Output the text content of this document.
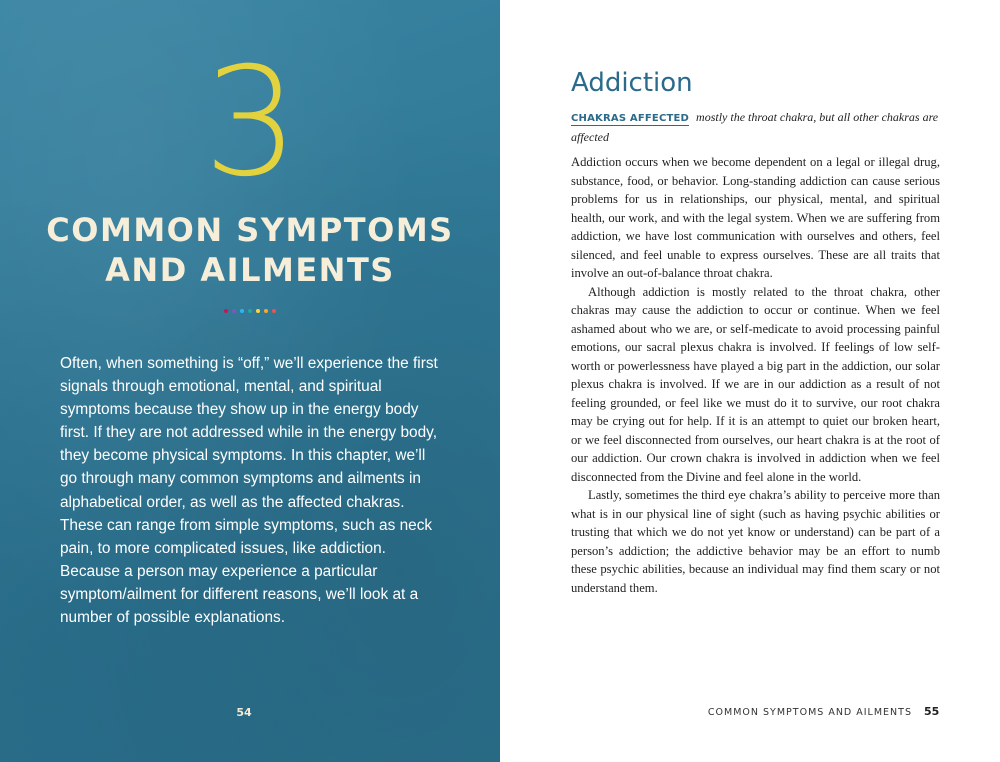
3
COMMON SYMPTOMS
AND AILMENTS

Often, when something is “off,” we’ll experience the first signals through emotional, mental, and spiritual symptoms because they show up in the energy body first. If they are not addressed while in the energy body, they become physical symptoms. In this chapter, we’ll go through many common symptoms and ailments in alphabetical order, as well as the affected chakras. These can range from simple symptoms, such as neck pain, to more complicated issues, like addiction. Because a person may experience a particular symptom/ailment for different reasons, we’ll look at a number of possible explanations.

54
Addiction

CHAKRAS AFFECTED mostly the throat chakra, but all other chakras are affected

Addiction occurs when we become dependent on a legal or illegal drug, substance, food, or behavior. Long-standing addiction can cause serious problems for us in relationships, our physical, mental, and spiritual health, our work, and with the legal system. When we are suffering from addiction, we have lost communication with ourselves and others, feel silenced, and feel unable to express ourselves. These are all traits that involve an out-of-balance throat chakra.

Although addiction is mostly related to the throat chakra, other chakras may cause the addiction to occur or continue. When we feel ashamed about who we are, or self-medicate to avoid processing painful emotions, our sacral plexus chakra is involved. If feelings of low self-worth or powerlessness have played a big part in the addiction, our solar plexus chakra is involved. If we are in our addiction as a result of not feeling grounded, or feel like we must do it to survive, our root chakra may be crying out for help. If it is an attempt to quiet our broken heart, or we feel disconnected from ourselves, our heart chakra is at the root of our addiction. Our crown chakra is involved in addiction when we feel disconnected from the Divine and feel alone in the world.

Lastly, sometimes the third eye chakra’s ability to perceive more than what is in our physical line of sight (such as having psychic abilities or trusting that which we do not yet know or understand) can be part of a person’s addiction; the addictive behavior may be an effort to numb these psychic abilities, because an individual may find them scary or not understand them.

COMMON SYMPTOMS AND AILMENTS 55
